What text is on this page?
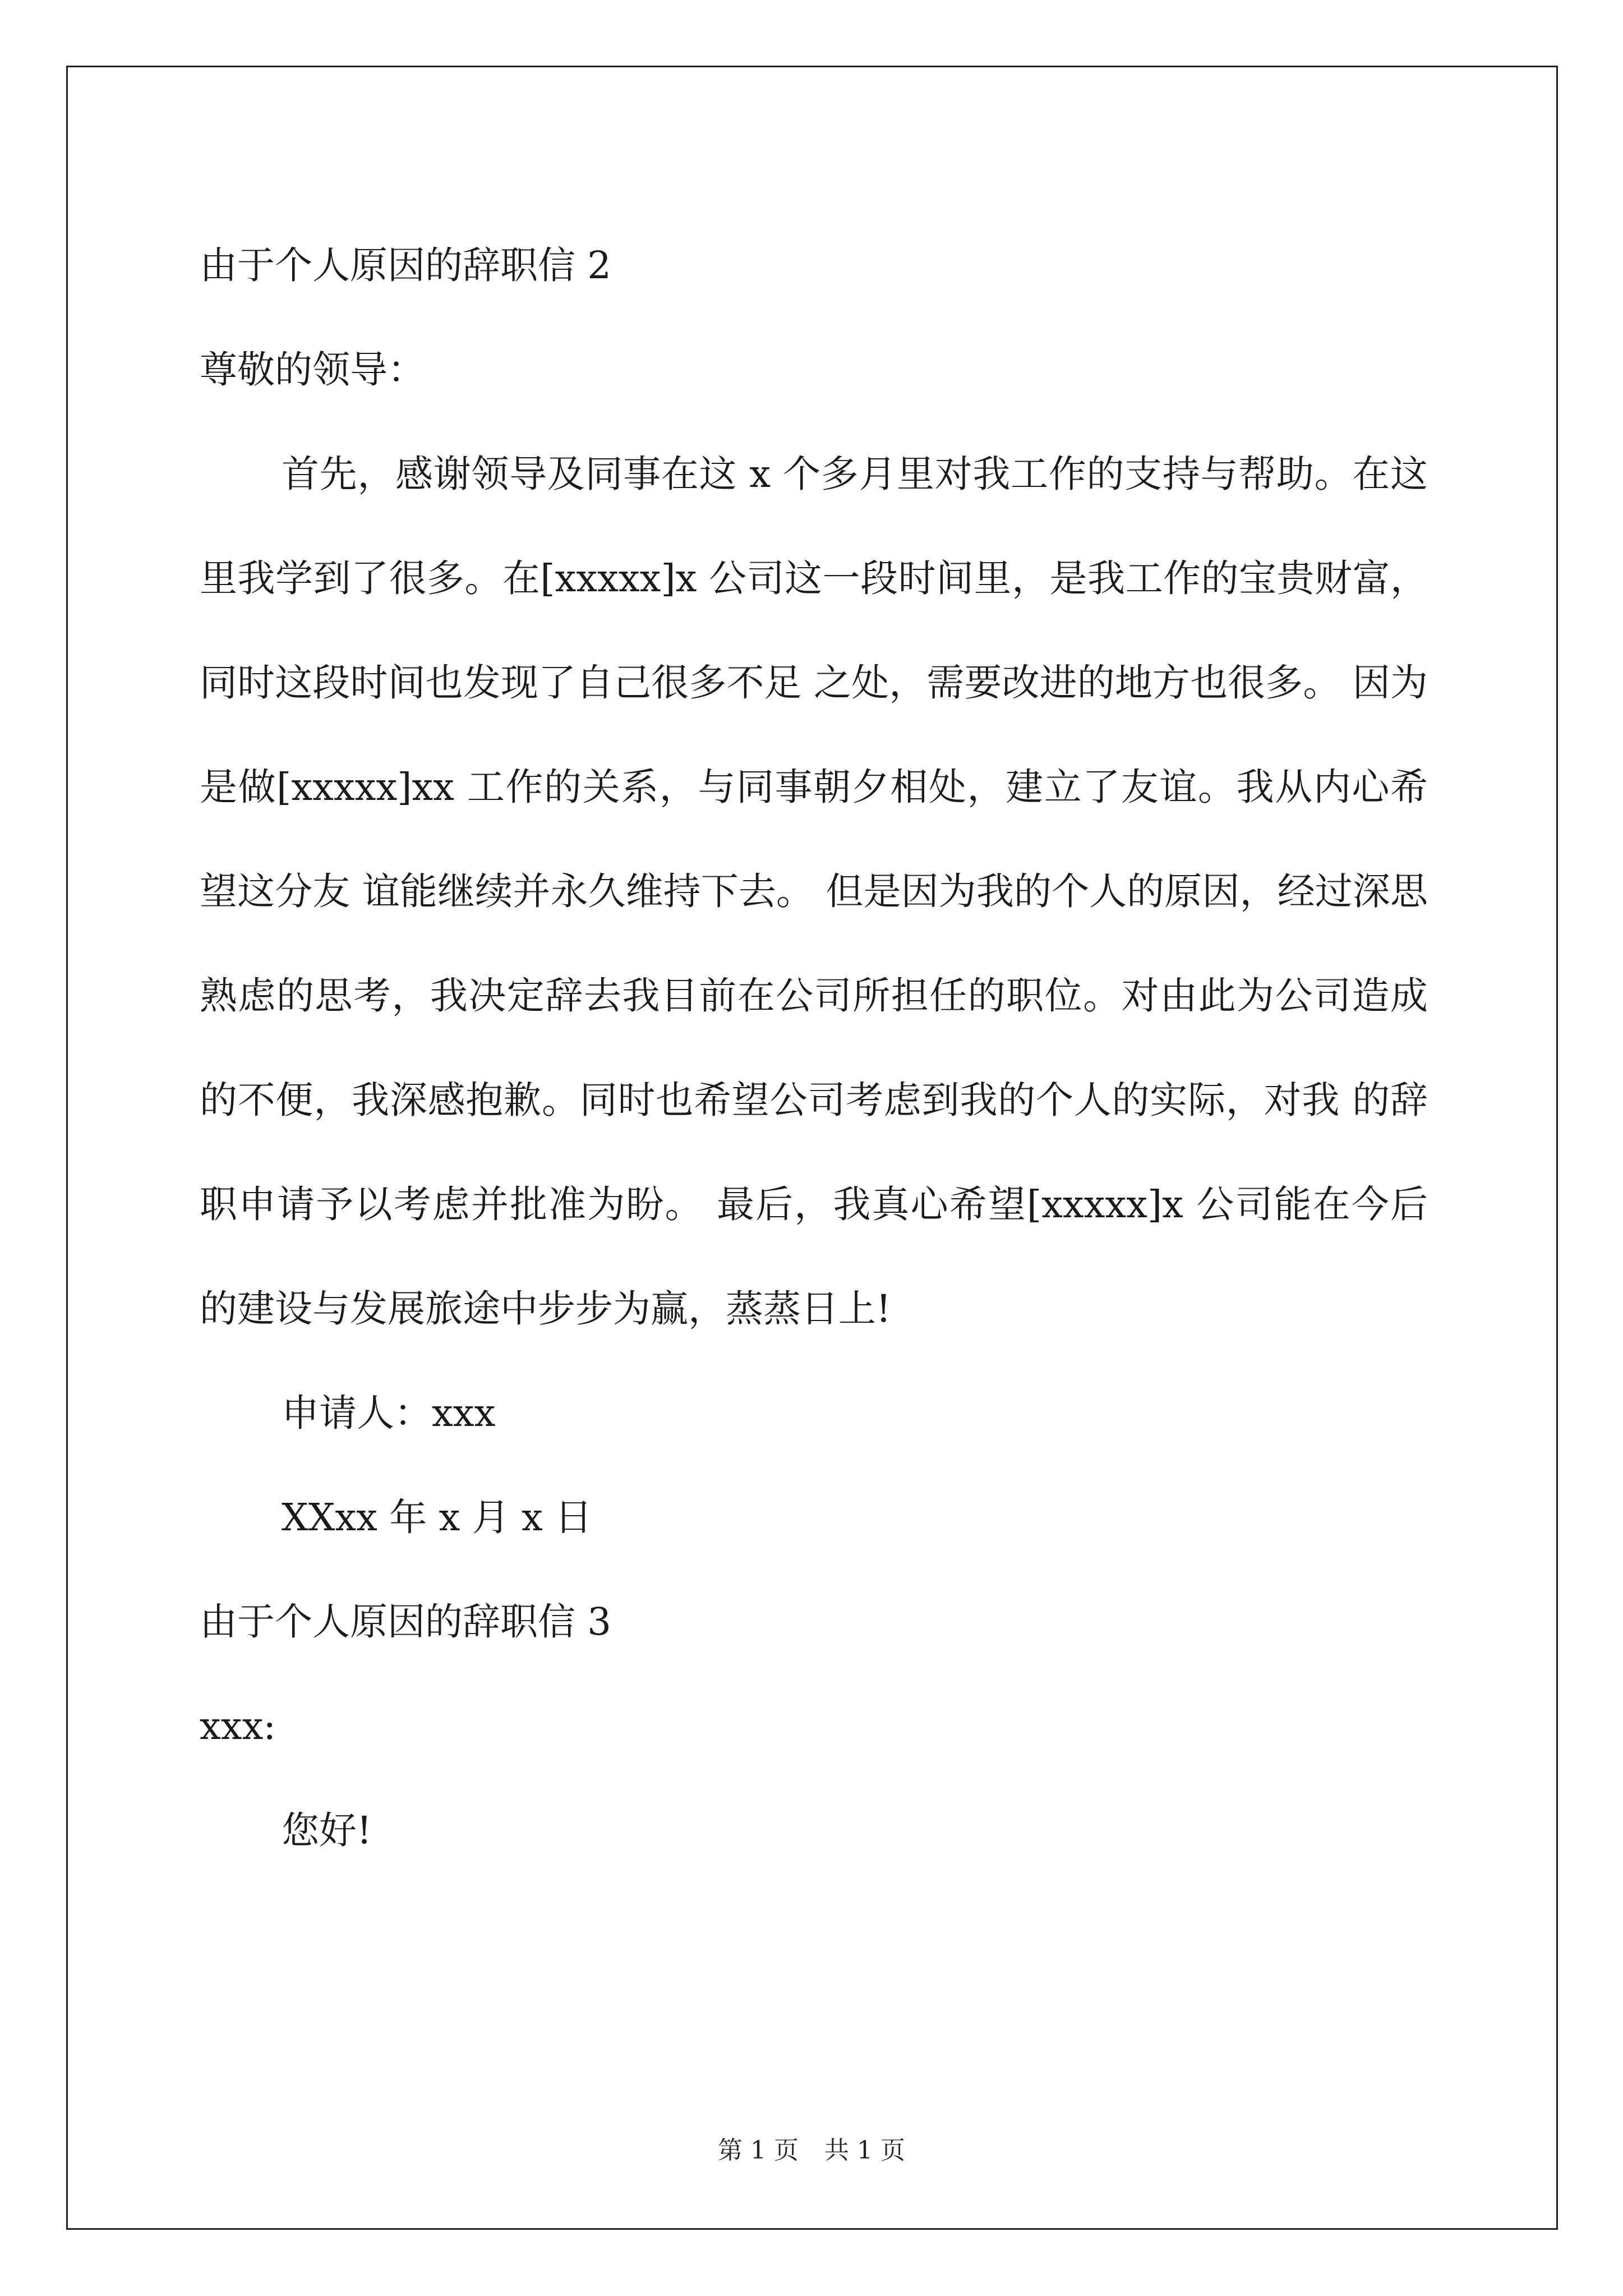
由于个人原因的辞职信 2
尊敬的领导：

首先，感谢领导及同事在这 x 个多月里对我工作的支持与帮助。在这里我学到了很多。在[xxxxx]x 公司这一段时间里，是我工作的宝贵财富，同时这段时间也发现了自己很多不足 之处，需要改进的地方也很多。 因为是做[xxxxx]xx 工作的关系，与同事朝夕相处，建立了友谊。我从内心希望这分友 谊能继续并永久维持下去。 但是因为我的个人的原因，经过深思熟虑的思考，我决定辞去我目前在公司所担任的职位。对由此为公司造成的不便，我深感抱歉。同时也希望公司考虑到我的个人的实际，对我 的辞职申请予以考虑并批准为盼。 最后，我真心希望[xxxxx]x 公司能在今后的建设与发展旅途中步步为赢，蒸蒸日上!

申请人：xxx
XXxx 年 x 月 x 日
由于个人原因的辞职信 3
xxx:
您好!
第 1 页 共 1 页
